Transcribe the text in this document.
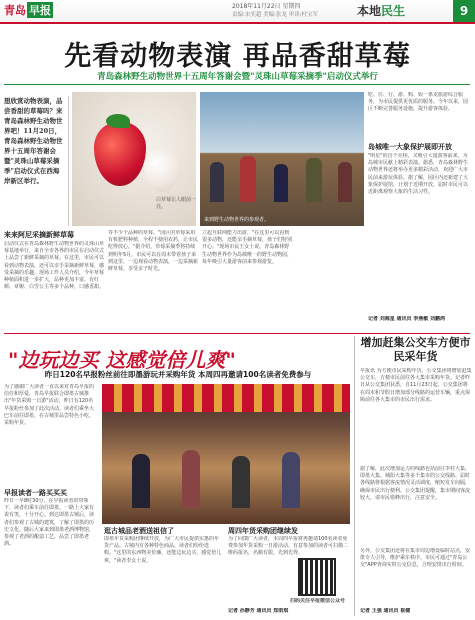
青岛 早报	2018年11月22日 星期四
责编:宋奕超 美编:张龙 审读:杜宝军	本地民生	9
先看动物表演 再品香甜草莓
青岛森林野生动物世界十五周年答谢会暨"灵珠山草莓采摘季"启动仪式举行
想欣赏动物表演，品尝香甜的草莓吗？来青岛森林野生动物世界吧！11月20日，青岛森林野生动物世界十五周年答谢会暨"灵珠山草莓采摘季"启动仪式在西海岸新区举行。
白草莓让人眼前一亮。
来到野生动物世界的参观者。
来来阿尼采摘新鲜草莓
启动仪式在青岛森林野生动物世界的灵珠山草莓基地举行，来自全市各界的市民在启动仪式上品尝了新鲜采摘的草莓。在这里，市民可以看到动物表演，还可以亲手采摘新鲜草莓，感受采摘的乐趣。现场工作人员介绍，今年草莓种植面积进一步扩大，品种更加丰富，有红颜、章姬、白雪公主等多个品种，口感香甜。
等不少个品种的草莓。"园区的草莓采用有机肥料种植，全程不使用农药，让市民吃得放心。"据介绍，草莓采摘季将持续到明年5月，市民可以在周末带着孩子来到这里，一边观看动物表演，一边采摘新鲜草莓，享受亲子时光。
立起互联网能力出游，"在这里可以看到很多动物，还能亲手摘草莓，孩子们特别开心。"现场市民王女士说。青岛森林野生动物世界作为岛城唯一的野生动物园，每年吸引大量游客前来参观游览。
吃、住、行、游、购、娱一条龙旅游综合服务，为市民提供更优质的服务。今年以来，园区不断完善服务设施，提升游客体验。
岛城唯一大象保护展即开放
"明星"的首个亮相，又吸引大量游客前来，为岛城市民献上精彩表演。据悉，青岛森林野生动物世界还将举办更多精彩活动，欢迎广大市民前来游玩体验。据了解，园区内还新建了大象保护展馆，计划于近期开放，届时市民可以近距离观察大象的生活习性。
记者 刘海星 通讯员 李燕敏 刘鹏鸿
"边玩边买 这感觉倍儿爽"
昨日120名早报粉丝前往即墨游玩并采购年货 本周四再邀请100名读者免费参与
为了感谢广大读者一直以来对青岛早报的信任和厚爱，青岛早报联合即墨古城推出"年货采购一日游"活动，昨日有120名早报粉丝参加了此次活动。读者们乘坐大巴车前往即墨，在古城里品尝特色小吃，采购年货。
早报读者一路买买买
昨日一早8时30分，在早报读者的带领下，读者们乘车前往即墨。一路上大家有说有笑，十分开心。到达即墨古城后，读者们参观了古城的建筑，了解了即墨的历史文化。随后大家来到即墨老酒博物馆，参观了老酒的酿造工艺，品尝了即墨老酒。
逛古城品老酒送祖信了
即墨年货采购团继续开放，为广大市民提供实惠的年货产品。古城内有各种特色商品，读者们纷纷选购。"这里的东西物美价廉，还能边玩边买，感觉倍儿爽。"读者李女士说。
周四年货采购团继续发
为了回馈广大读者，本周四早报将再邀请100名读者免费参加年货采购一日游活动。有意参加的读者可扫描二维码报名，名额有限，先到先得。
扫码关注早报微信公众号
记者 孙静芳 通讯员 郑雨琪
增加赶集公交车方便市民采年货
早报讯 为方便市民采购年货，公交集团将增加赶集公交车，方便市民前往各大集市采购年货。记者昨日从公交集团获悉，自11月23日起，公交集团将在周末和节假日增加部分线路的运营车辆，重点保障前往各大集市的市民出行需求。
据了解，此次增加运力的线路包括前往李村大集、即墨大集、城阳大集等多个集市的公交线路。届时各线路将根据客流情况灵活调度，缩短发车间隔，确保市民出行便利。公交集团提醒，集市期间客流较大，请市民错峰出行，注意安全。
另外，公交集团还将在集市周边增设临时站点，安排专人引导，维护乘车秩序。市民可通过"青岛公交"APP查询实时公交信息，合理安排出行时间。
记者 王强 通讯员 崔健
